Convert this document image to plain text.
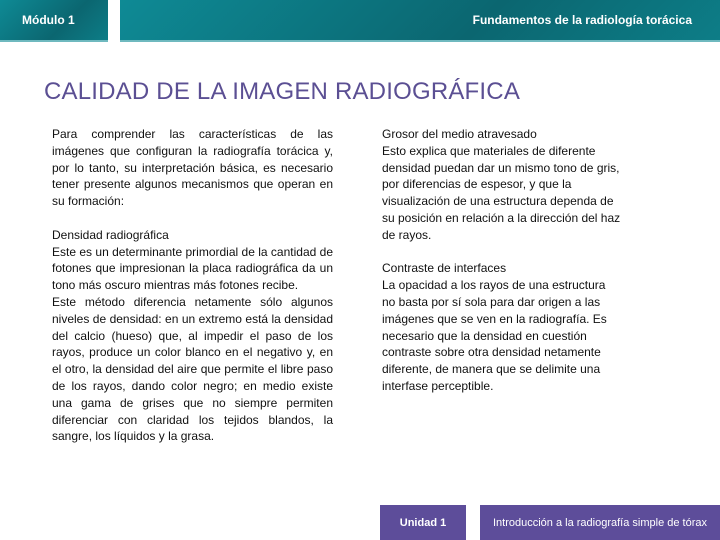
Módulo 1	Fundamentos de la radiología torácica
CALIDAD DE LA IMAGEN RADIOGRÁFICA

Para comprender las características de las imágenes que configuran la radiografía torácica y, por lo tanto, su interpretación básica, es necesario tener presente algunos mecanismos que operan en su formación:

Densidad radiográfica
Este es un determinante primordial de la cantidad de fotones que impresionan la placa radiográfica da un tono más oscuro mientras más fotones recibe.
Este método diferencia netamente sólo algunos niveles de densidad: en un extremo está la densidad del calcio (hueso) que, al impedir el paso de los rayos, produce un color blanco en el negativo y, en el otro, la densidad del aire que permite el libre paso de los rayos, dando color negro; en medio existe una gama de grises que no siempre permiten diferenciar con claridad los tejidos blandos, la sangre, los líquidos y la grasa.
Grosor del medio atravesado

Esto explica que materiales de diferente densidad puedan dar un mismo tono de gris, por diferencias de espesor, y que la visualización de una estructura dependa de su posición en relación a la dirección del haz de rayos.

Contraste de interfaces

La opacidad a los rayos de una estructura no basta por sí sola para dar origen a las imágenes que se ven en la radiografía. Es necesario que la densidad en cuestión contraste sobre otra densidad netamente diferente, de manera que se delimite una interfase perceptible.

Unidad 1	Introducción a la radiografía simple de tórax
